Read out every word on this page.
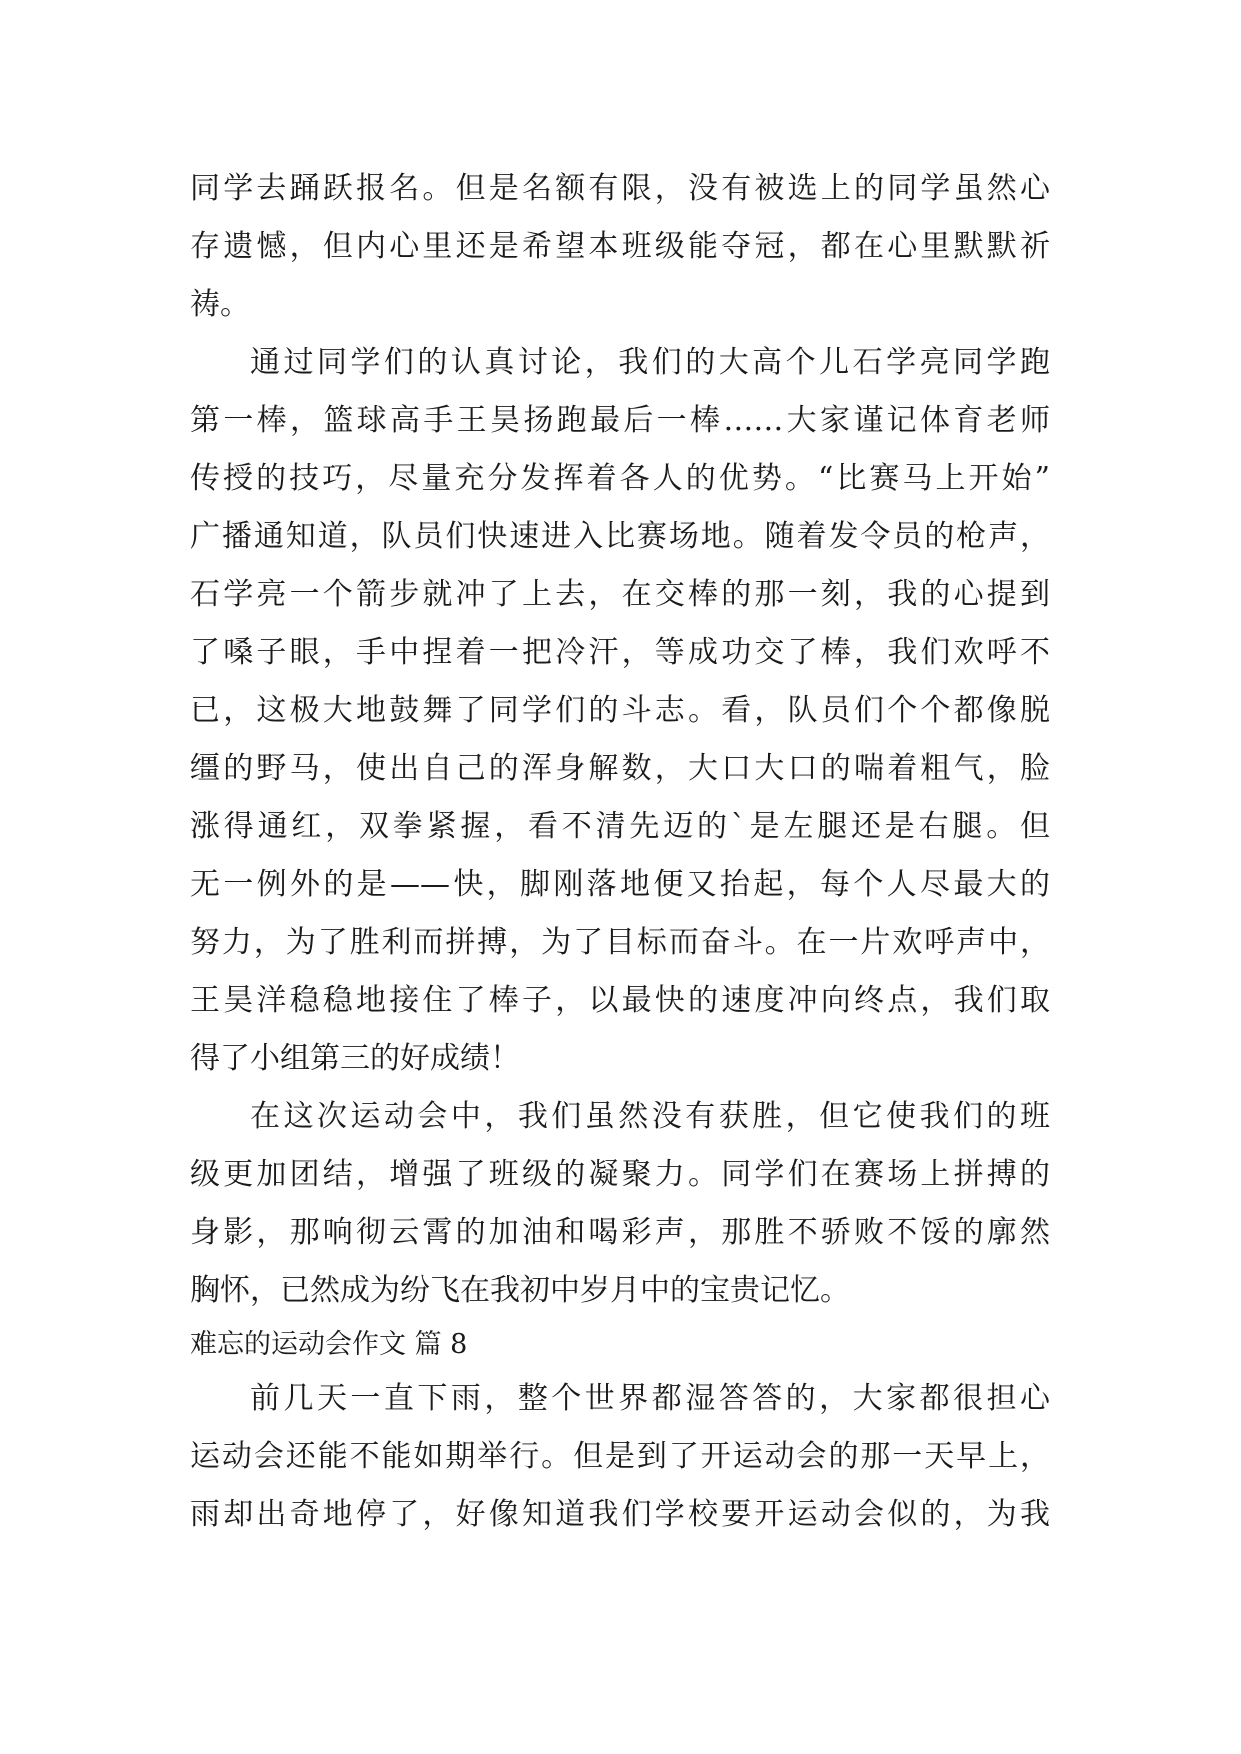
同学去踊跃报名。但是名额有限，没有被选上的同学虽然心
存遗憾，但内心里还是希望本班级能夺冠，都在心里默默祈
祷。
通过同学们的认真讨论，我们的大高个儿石学亮同学跑
第一棒，篮球高手王昊扬跑最后一棒……大家谨记体育老师
传授的技巧，尽量充分发挥着各人的优势。“比赛马上开始”
广播通知道，队员们快速进入比赛场地。随着发令员的枪声，
石学亮一个箭步就冲了上去，在交棒的那一刻，我的心提到
了嗓子眼，手中捏着一把冷汗，等成功交了棒，我们欢呼不
已，这极大地鼓舞了同学们的斗志。看，队员们个个都像脱
缰的野马，使出自己的浑身解数，大口大口的喘着粗气，脸
涨得通红，双拳紧握，看不清先迈的`是左腿还是右腿。但
无一例外的是——快，脚刚落地便又抬起，每个人尽最大的
努力，为了胜利而拼搏，为了目标而奋斗。在一片欢呼声中，
王昊洋稳稳地接住了棒子，以最快的速度冲向终点，我们取
得了小组第三的好成绩！
在这次运动会中，我们虽然没有获胜，但它使我们的班
级更加团结，增强了班级的凝聚力。同学们在赛场上拼搏的
身影，那响彻云霄的加油和喝彩声，那胜不骄败不馁的廓然
胸怀，已然成为纷飞在我初中岁月中的宝贵记忆。
难忘的运动会作文 篇 8
前几天一直下雨，整个世界都湿答答的，大家都很担心
运动会还能不能如期举行。但是到了开运动会的那一天早上，
雨却出奇地停了，好像知道我们学校要开运动会似的，为我
